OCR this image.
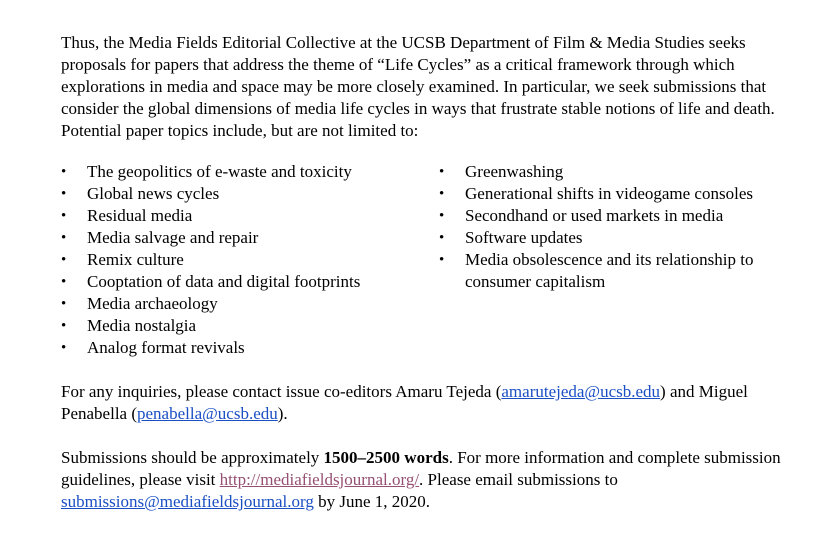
Thus, the Media Fields Editorial Collective at the UCSB Department of Film & Media Studies seeks proposals for papers that address the theme of “Life Cycles” as a critical framework through which explorations in media and space may be more closely examined. In particular, we seek submissions that consider the global dimensions of media life cycles in ways that frustrate stable notions of life and death. Potential paper topics include, but are not limited to:

•	The geopolitics of e-waste and toxicity
•	Global news cycles
•	Residual media
•	Media salvage and repair
•	Remix culture
•	Cooptation of data and digital footprints
•	Media archaeology
•	Media nostalgia
•	Analog format revivals
•	Greenwashing
•	Generational shifts in videogame consoles
•	Secondhand or used markets in media
•	Software updates
•	Media obsolescence and its relationship to consumer capitalism

For any inquiries, please contact issue co-editors Amaru Tejeda (amarutejeda@ucsb.edu) and Miguel Penabella (penabella@ucsb.edu).

Submissions should be approximately 1500–2500 words. For more information and complete submission guidelines, please visit http://mediafieldsjournal.org/. Please email submissions to submissions@mediafieldsjournal.org by June 1, 2020.
